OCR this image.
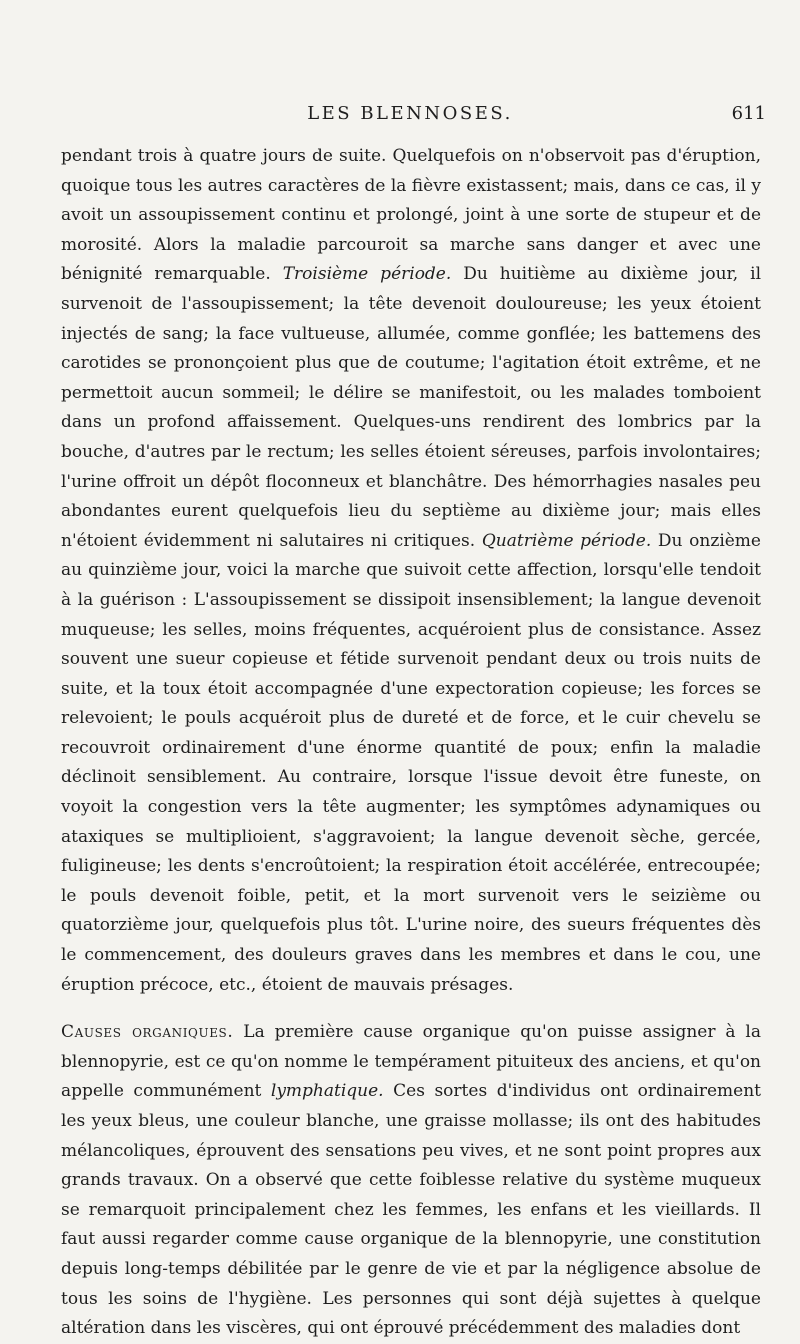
LES BLENNOSES.	611

pendant trois à quatre jours de suite. Quelquefois on n'observoit pas d'éruption, quoique tous les autres caractères de la fièvre existassent; mais, dans ce cas, il y avoit un assoupissement continu et prolongé, joint à une sorte de stupeur et de morosité. Alors la maladie parcouroit sa marche sans danger et avec une bénignité remarquable. Troisième période. Du huitième au dixième jour, il survenoit de l'assoupissement; la tête devenoit douloureuse; les yeux étoient injectés de sang; la face vultueuse, allumée, comme gonflée; les battemens des carotides se prononçoient plus que de coutume; l'agitation étoit extrême, et ne permettoit aucun sommeil; le délire se manifestoit, ou les malades tomboient dans un profond affaissement. Quelques-uns rendirent des lombrics par la bouche, d'autres par le rectum; les selles étoient séreuses, parfois involontaires; l'urine offroit un dépôt floconneux et blanchâtre. Des hémorrhagies nasales peu abondantes eurent quelquefois lieu du septième au dixième jour; mais elles n'étoient évidemment ni salutaires ni critiques. Quatrième période. Du onzième au quinzième jour, voici la marche que suivoit cette affection, lorsqu'elle tendoit à la guérison : L'assoupissement se dissipoit insensiblement; la langue devenoit muqueuse; les selles, moins fréquentes, acquéroient plus de consistance. Assez souvent une sueur copieuse et fétide survenoit pendant deux ou trois nuits de suite, et la toux étoit accompagnée d'une expectoration copieuse; les forces se relevoient; le pouls acquéroit plus de dureté et de force, et le cuir chevelu se recouvroit ordinairement d'une énorme quantité de poux; enfin la maladie déclinoit sensiblement. Au contraire, lorsque l'issue devoit être funeste, on voyoit la congestion vers la tête augmenter; les symptômes adynamiques ou ataxiques se multiplioient, s'aggravoient; la langue devenoit sèche, gercée, fuligineuse; les dents s'encroûtoient; la respiration étoit accélérée, entrecoupée; le pouls devenoit foible, petit, et la mort survenoit vers le seizième ou quatorzième jour, quelquefois plus tôt. L'urine noire, des sueurs fréquentes dès le commencement, des douleurs graves dans les membres et dans le cou, une éruption précoce, etc., étoient de mauvais présages.

Causes organiques. La première cause organique qu'on puisse assigner à la blennopyrie, est ce qu'on nomme le tempérament pituiteux des anciens, et qu'on appelle communément lymphatique. Ces sortes d'individus ont ordinairement les yeux bleus, une couleur blanche, une graisse mollasse; ils ont des habitudes mélancoliques, éprouvent des sensations peu vives, et ne sont point propres aux grands travaux. On a observé que cette foiblesse relative du système muqueux se remarquoit principalement chez les femmes, les enfans et les vieillards. Il faut aussi regarder comme cause organique de la blennopyrie, une constitution depuis long-temps débilitée par le genre de vie et par la négligence absolue de tous les soins de l'hygiène. Les personnes qui sont déjà sujettes à quelque altération dans les viscères, qui ont éprouvé précédemment des maladies dont
